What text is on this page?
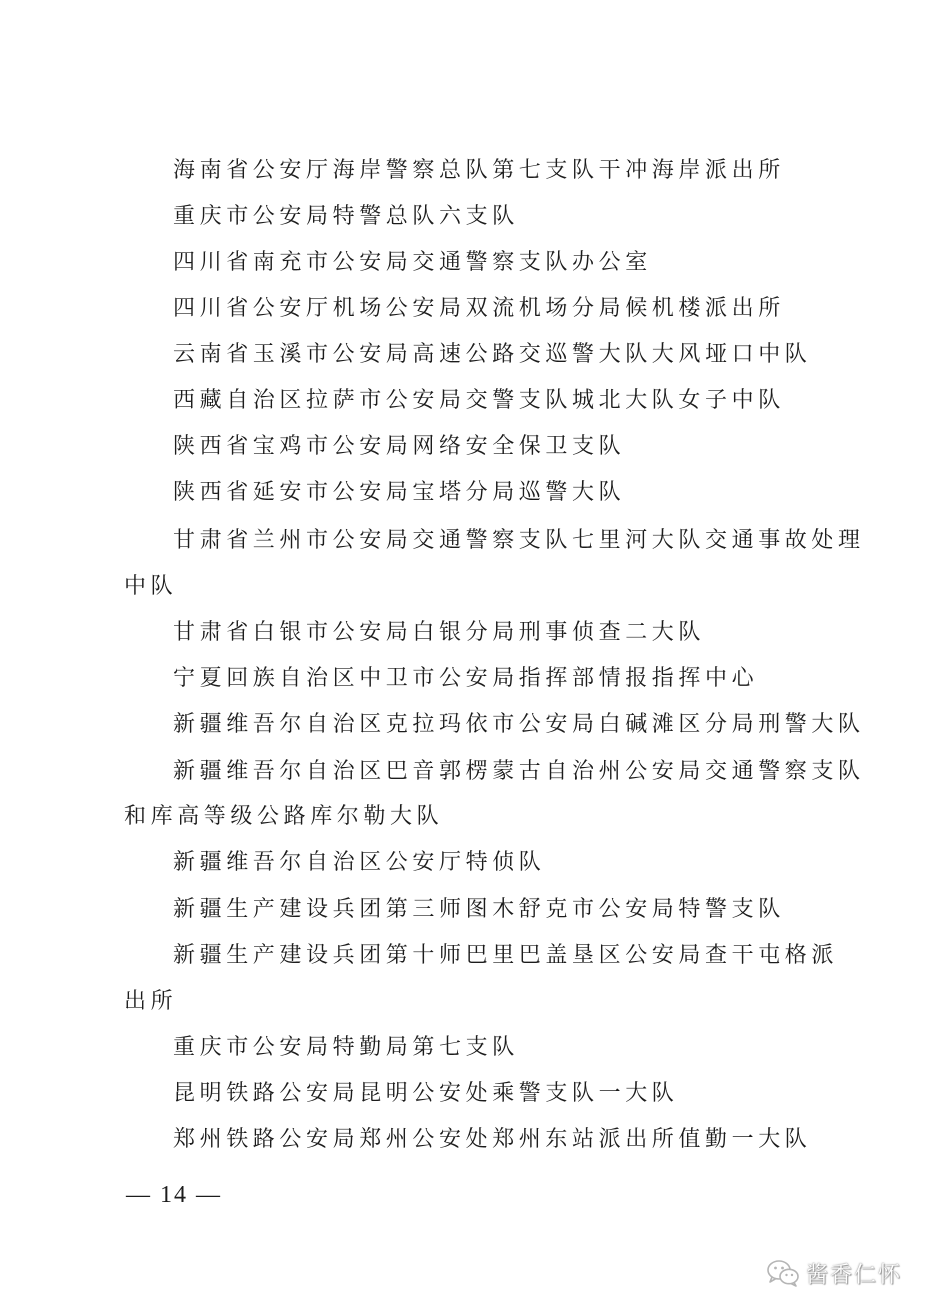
海南省公安厅海岸警察总队第七支队干冲海岸派出所
重庆市公安局特警总队六支队
四川省南充市公安局交通警察支队办公室
四川省公安厅机场公安局双流机场分局候机楼派出所
云南省玉溪市公安局高速公路交巡警大队大风垭口中队
西藏自治区拉萨市公安局交警支队城北大队女子中队
陕西省宝鸡市公安局网络安全保卫支队
陕西省延安市公安局宝塔分局巡警大队
甘肃省兰州市公安局交通警察支队七里河大队交通事故处理
中队
甘肃省白银市公安局白银分局刑事侦查二大队
宁夏回族自治区中卫市公安局指挥部情报指挥中心
新疆维吾尔自治区克拉玛依市公安局白碱滩区分局刑警大队
新疆维吾尔自治区巴音郭楞蒙古自治州公安局交通警察支队
和库高等级公路库尔勒大队
新疆维吾尔自治区公安厅特侦队
新疆生产建设兵团第三师图木舒克市公安局特警支队
新疆生产建设兵团第十师巴里巴盖垦区公安局查干屯格派
出所
重庆市公安局特勤局第七支队
昆明铁路公安局昆明公安处乘警支队一大队
郑州铁路公安局郑州公安处郑州东站派出所值勤一大队
— 14 —
酱香仁怀
